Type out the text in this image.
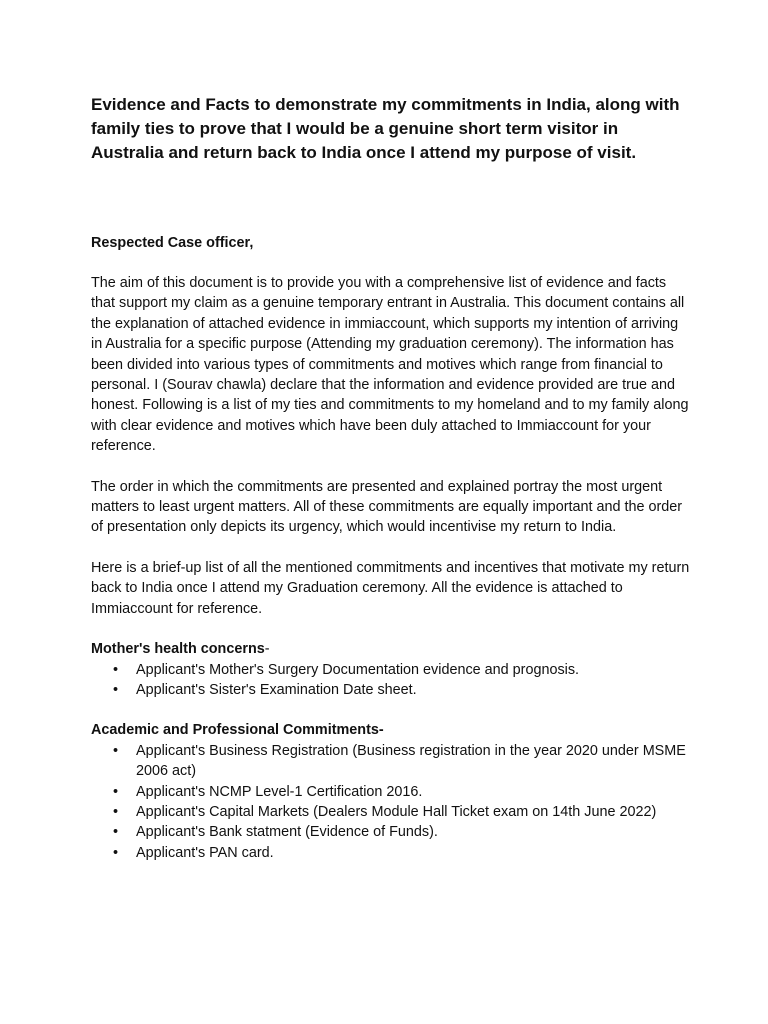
Evidence and Facts to demonstrate my commitments in India, along with family ties to prove that I would be a genuine short term visitor in Australia and return back to India once I attend my purpose of visit.

Respected Case officer,

The aim of this document is to provide you with a comprehensive list of evidence and facts that support my claim as a genuine temporary entrant in Australia. This document contains all the explanation of attached evidence in immiaccount, which supports my intention of arriving in Australia for a specific purpose (Attending my graduation ceremony). The information has been divided into various types of commitments and motives which range from financial to personal. I (Sourav chawla) declare that the information and evidence provided are true and honest. Following is a list of my ties and commitments to my homeland and to my family along with clear evidence and motives which have been duly attached to Immiaccount for your reference.

The order in which the commitments are presented and explained portray the most urgent matters to least urgent matters. All of these commitments are equally important and the order of presentation only depicts its urgency, which would incentivise my return to India.

Here is a brief-up list of all the mentioned commitments and incentives that motivate my return back to India once I attend my Graduation ceremony. All the evidence is attached to Immiaccount for reference.

Mother's health concerns-

• Applicant's Mother's Surgery Documentation evidence and prognosis.
• Applicant's Sister's Examination Date sheet.

Academic and Professional Commitments-

• Applicant's Business Registration (Business registration in the year 2020 under MSME 2006 act)
• Applicant's NCMP Level-1 Certification 2016.
• Applicant's Capital Markets (Dealers Module Hall Ticket exam on 14th June 2022)
• Applicant's Bank statment (Evidence of Funds).
• Applicant's PAN card.
